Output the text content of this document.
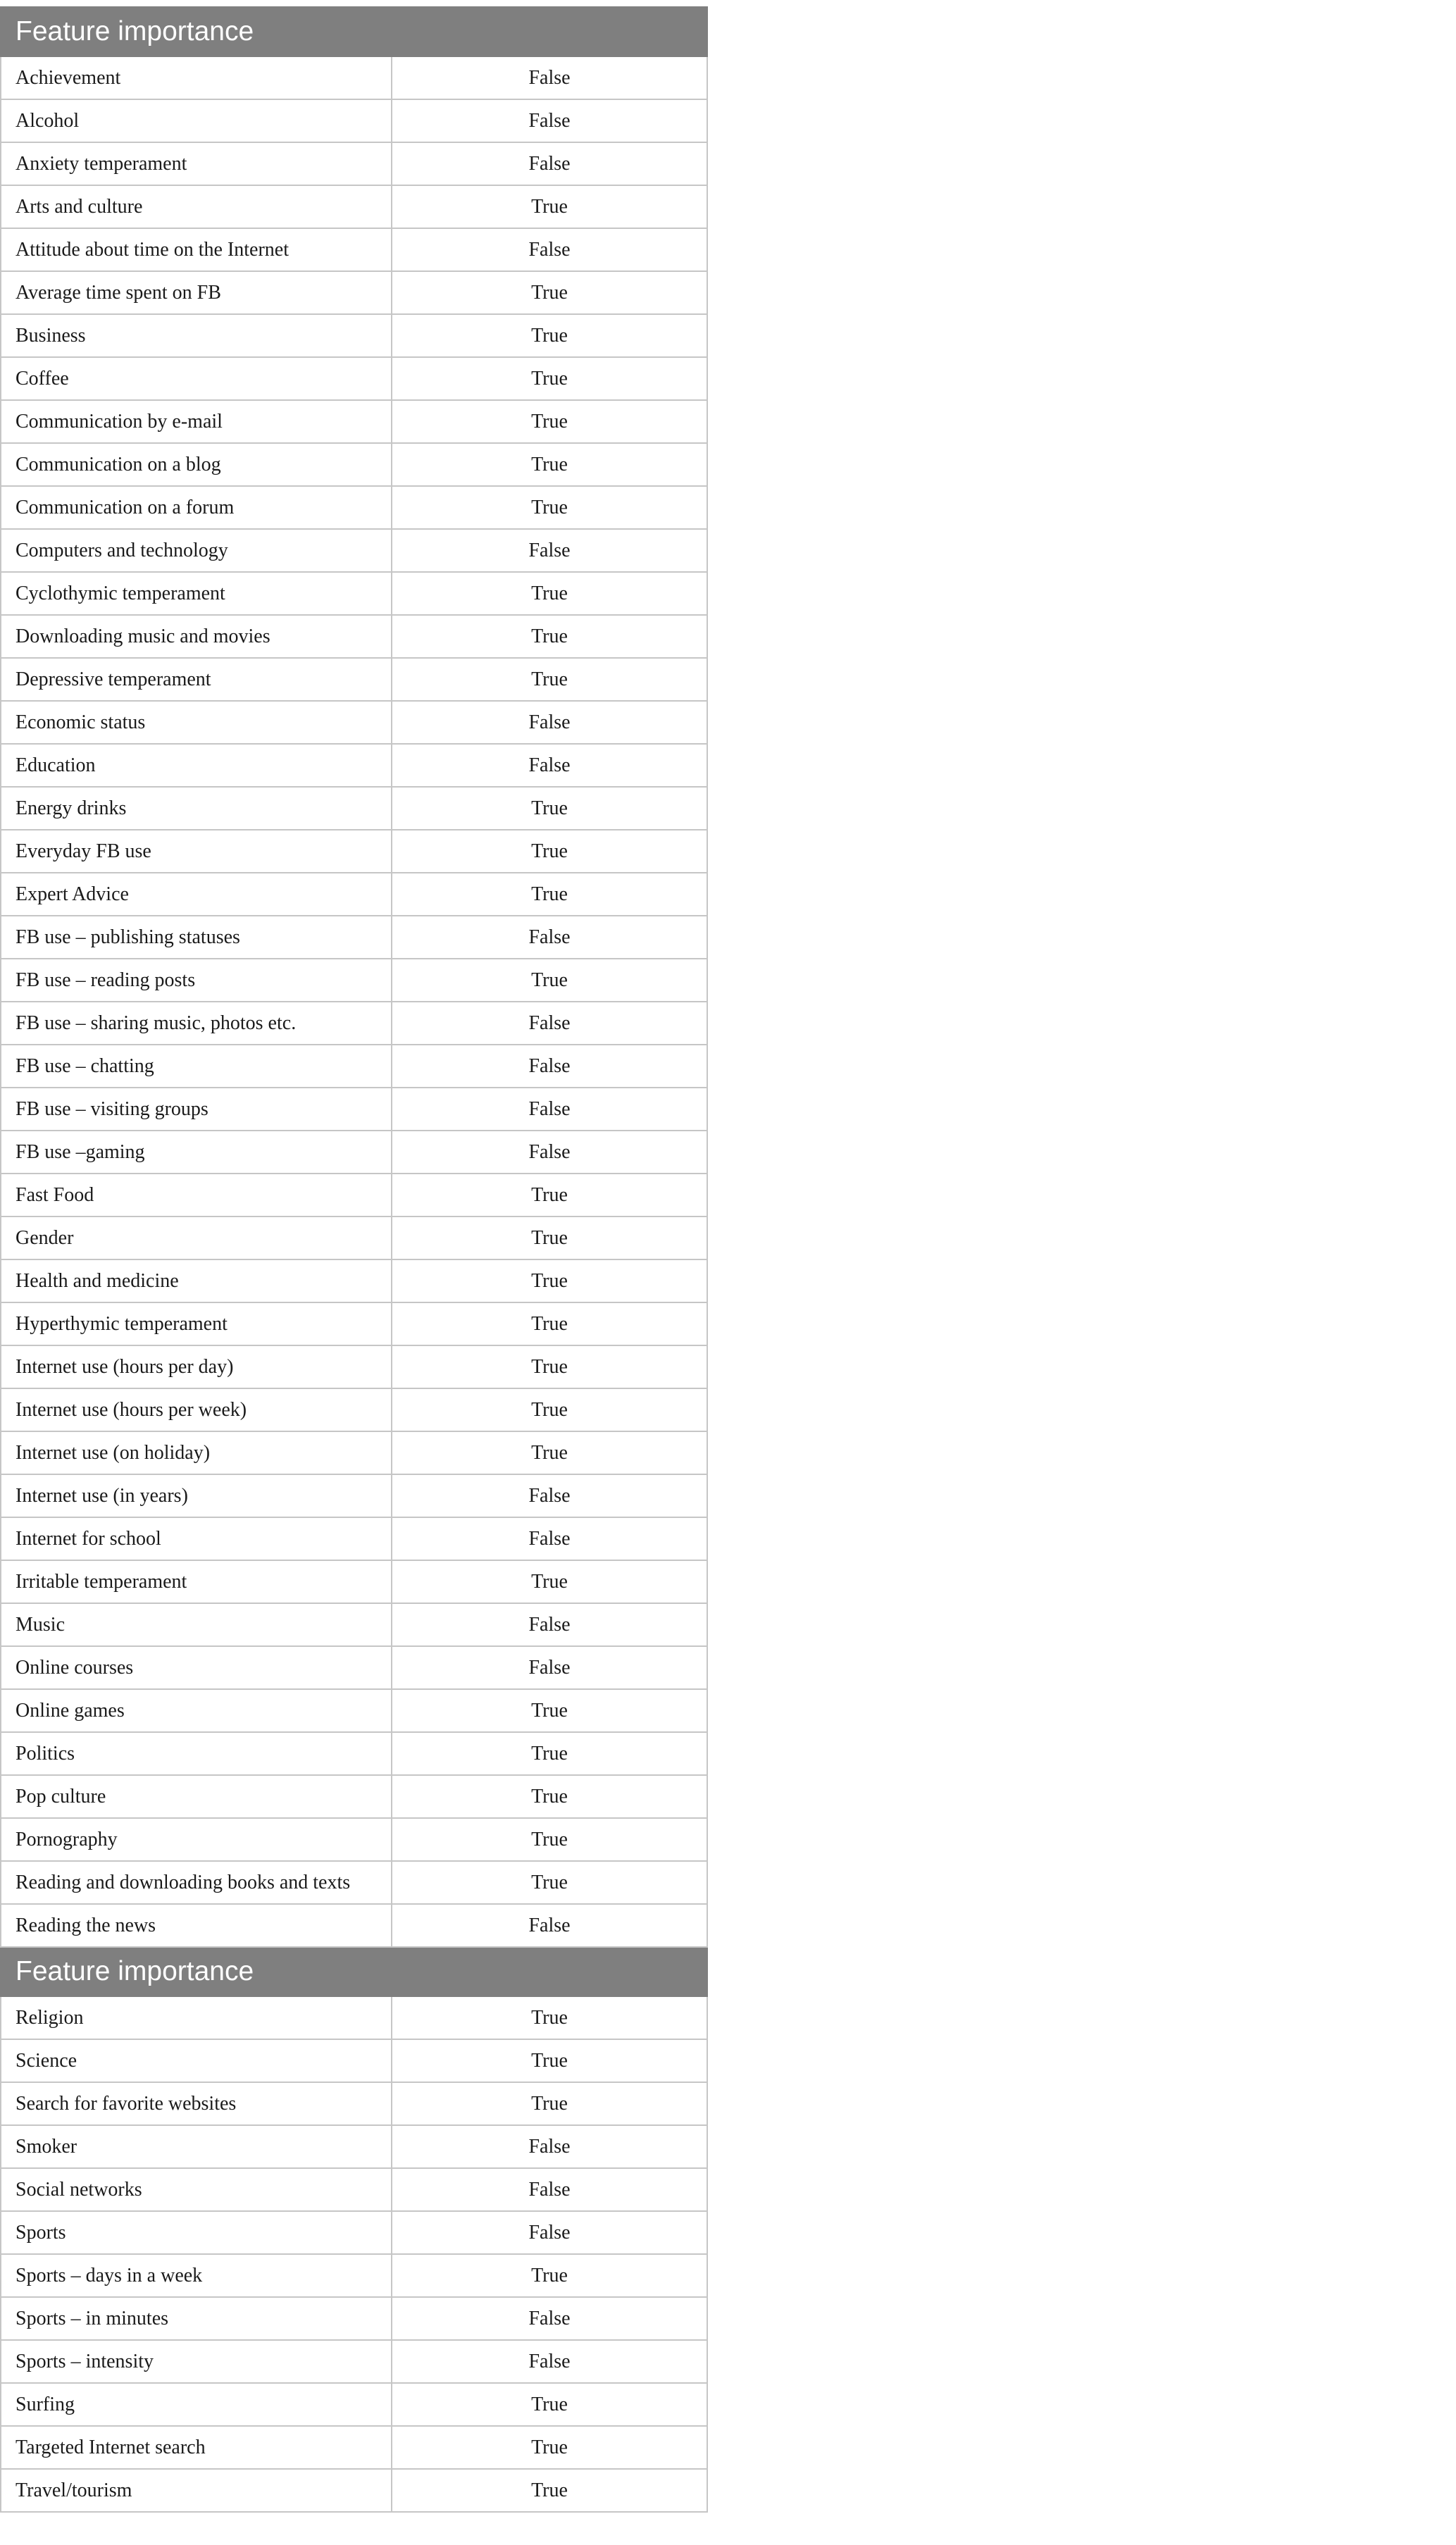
Feature importance	
Achievement	False
Alcohol	False
Anxiety temperament	False
Arts and culture	True
Attitude about time on the Internet	False
Average time spent on FB	True
Business	True
Coffee	True
Communication by e-mail	True
Communication on a blog	True
Communication on a forum	True
Computers and technology	False
Cyclothymic temperament	True
Downloading music and movies	True
Depressive temperament	True
Economic status	False
Education	False
Energy drinks	True
Everyday FB use	True
Expert Advice	True
FB use – publishing statuses	False
FB use – reading posts	True
FB use – sharing music, photos etc.	False
FB use – chatting	False
FB use – visiting groups	False
FB use –gaming	False
Fast Food	True
Gender	True
Health and medicine	True
Hyperthymic temperament	True
Internet use (hours per day)	True
Internet use (hours per week)	True
Internet use (on holiday)	True
Internet use (in years)	False
Internet for school	False
Irritable temperament	True
Music	False
Online courses	False
Online games	True
Politics	True
Pop culture	True
Pornography	True
Reading and downloading books and texts	True
Reading the news	False
Feature importance	
Religion	True
Science	True
Search for favorite websites	True
Smoker	False
Social networks	False
Sports	False
Sports – days in a week	True
Sports – in minutes	False
Sports – intensity	False
Surfing	True
Targeted Internet search	True
Travel/tourism	True
